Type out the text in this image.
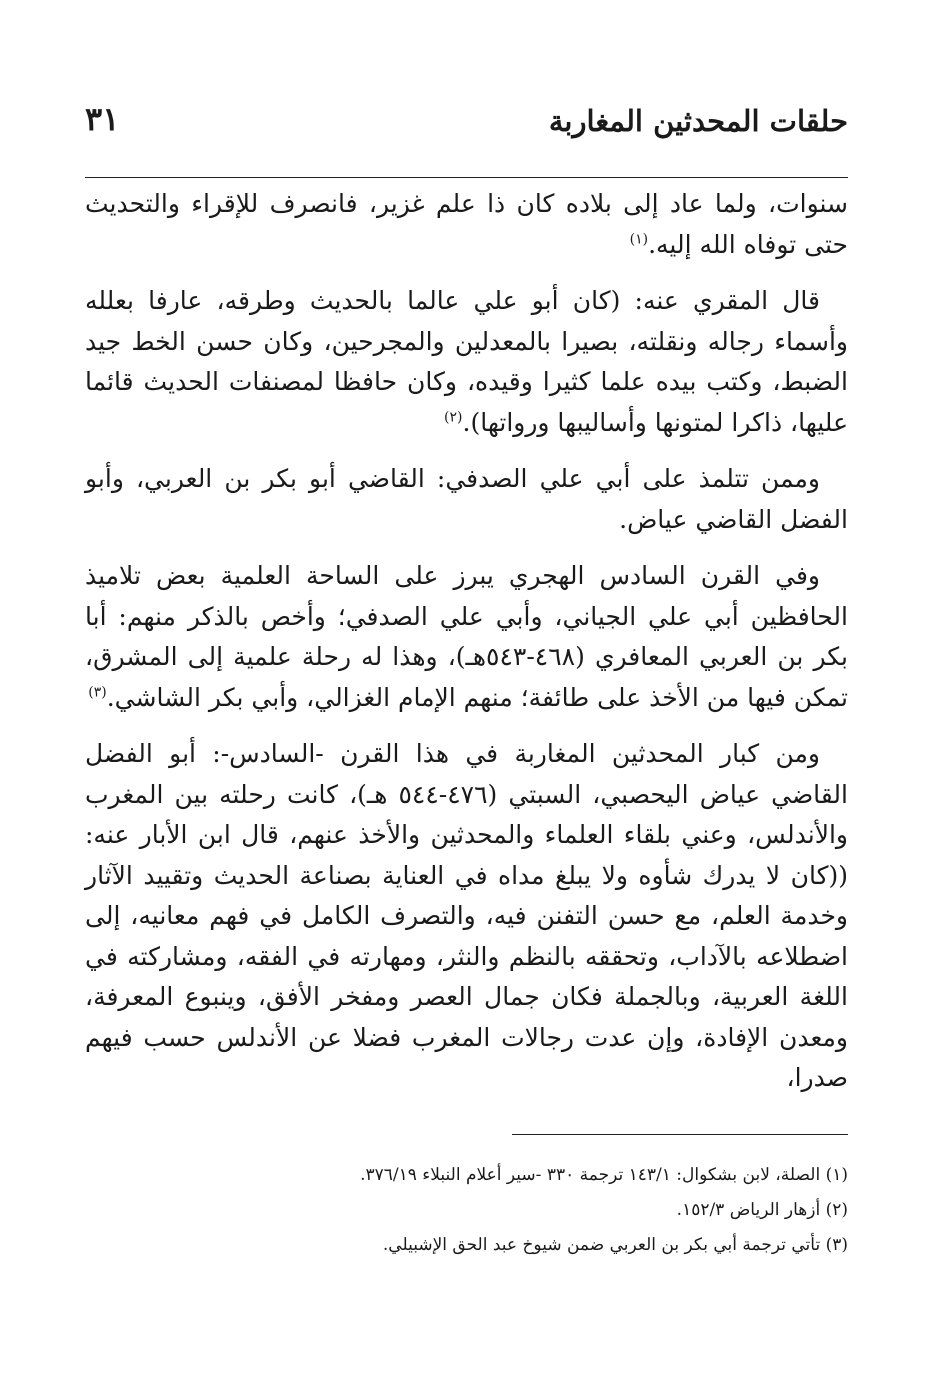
حلقات المحدثين المغاربة
٣١

سنوات، ولما عاد إلى بلاده كان ذا علم غزير، فانصرف للإقراء والتحديث حتى توفاه الله إليه.$^{(١)}$

قال المقري عنه: (كان أبو علي عالما بالحديث وطرقه، عارفا بعلله وأسماء رجاله ونقلته، بصيرا بالمعدلين والمجرحين، وكان حسن الخط جيد الضبط، وكتب بيده علما كثيرا وقيده، وكان حافظا لمصنفات الحديث قائما عليها، ذاكرا لمتونها وأساليبها ورواتها).$^{(٢)}$

وممن تتلمذ على أبي علي الصدفي: القاضي أبو بكر بن العربي، وأبو الفضل القاضي عياض.

وفي القرن السادس الهجري يبرز على الساحة العلمية بعض تلاميذ الحافظين أبي علي الجياني، وأبي علي الصدفي؛ وأخص بالذكر منهم: أبا بكر بن العربي المعافري (٤٦٨-٥٤٣هـ)، وهذا له رحلة علمية إلى المشرق، تمكن فيها من الأخذ على طائفة؛ منهم الإمام الغزالي، وأبي بكر الشاشي.$^{(٣)}$

ومن كبار المحدثين المغاربة في هذا القرن -السادس-: أبو الفضل القاضي عياض اليحصبي، السبتي (٤٧٦-٥٤٤ هـ)، كانت رحلته بين المغرب والأندلس، وعني بلقاء العلماء والمحدثين والأخذ عنهم، قال ابن الأبار عنه: ((كان لا يدرك شأوه ولا يبلغ مداه في العناية بصناعة الحديث وتقييد الآثار وخدمة العلم، مع حسن التفنن فيه، والتصرف الكامل في فهم معانيه، إلى اضطلاعه بالآداب، وتحققه بالنظم والنثر، ومهارته في الفقه، ومشاركته في اللغة العربية، وبالجملة فكان جمال العصر ومفخر الأفق، وينبوع المعرفة، ومعدن الإفادة، وإن عدت رجالات المغرب فضلا عن الأندلس حسب فيهم صدرا،

(١) الصلة، لابن بشكوال: ١٤٣/١ ترجمة ٣٣٠ -سير أعلام النبلاء ٣٧٦/١٩.

(٢) أزهار الرياض ١٥٢/٣.

(٣) تأتي ترجمة أبي بكر بن العربي ضمن شيوخ عبد الحق الإشبيلي.
